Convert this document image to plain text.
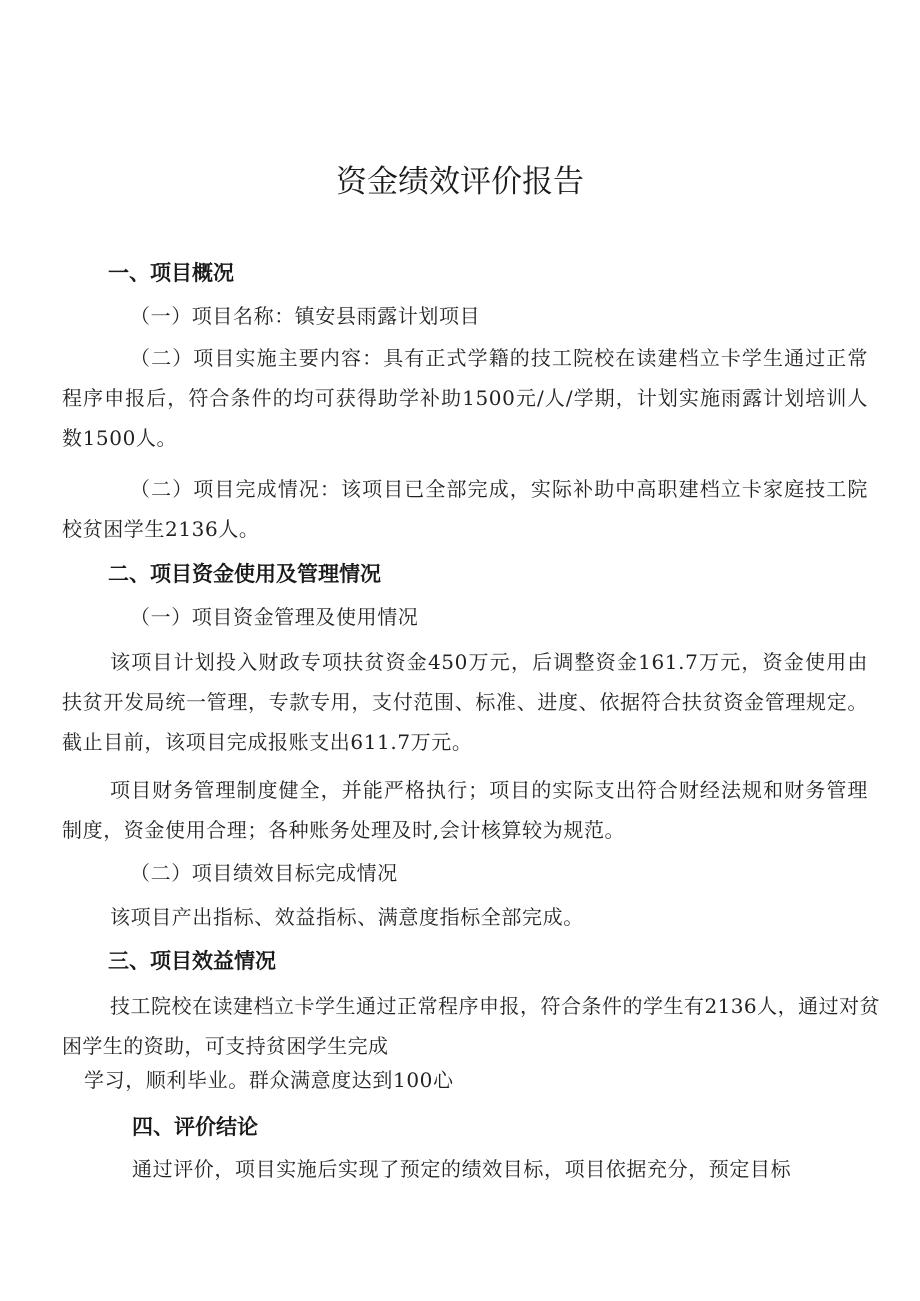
资金绩效评价报告
一、项目概况

（一）项目名称：镇安县雨露计划项目

（二）项目实施主要内容：具有正式学籍的技工院校在读建档立卡学生通过正常程序申报后，符合条件的均可获得助学补助1500元/人/学期，计划实施雨露计划培训人数1500人。

（二）项目完成情况：该项目已全部完成，实际补助中高职建档立卡家庭技工院校贫困学生2136人。

二、项目资金使用及管理情况

（一）项目资金管理及使用情况

该项目计划投入财政专项扶贫资金450万元，后调整资金161.7万元，资金使用由扶贫开发局统一管理，专款专用，支付范围、标准、进度、依据符合扶贫资金管理规定。截止目前，该项目完成报账支出611.7万元。

项目财务管理制度健全，并能严格执行；项目的实际支出符合财经法规和财务管理制度，资金使用合理；各种账务处理及时,会计核算较为规范。

（二）项目绩效目标完成情况

该项目产出指标、效益指标、满意度指标全部完成。

三、项目效益情况

技工院校在读建档立卡学生通过正常程序申报，符合条件的学生有2136人，通过对贫困学生的资助，可支持贫困学生完成

学习，顺利毕业。群众满意度达到100心

四、评价结论

通过评价，项目实施后实现了预定的绩效目标，项目依据充分，预定目标
